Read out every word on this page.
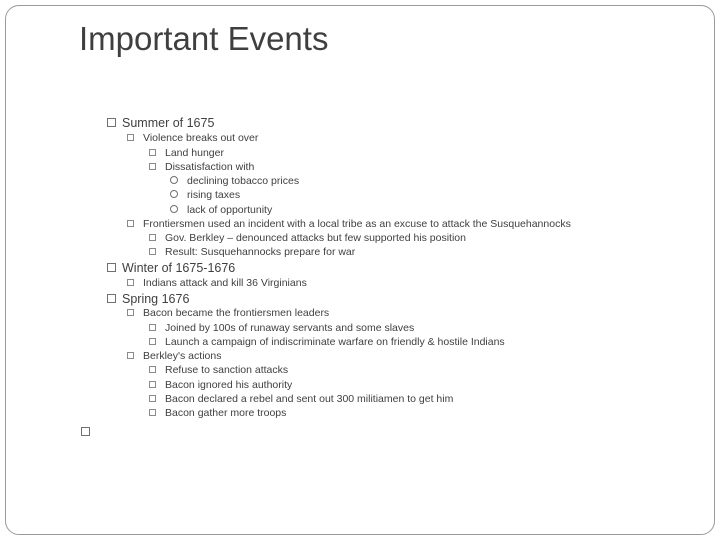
Important Events
Summer of 1675
Violence breaks out over
Land hunger
Dissatisfaction with
declining tobacco prices
rising taxes
lack of opportunity
Frontiersmen used an incident with a local tribe as an excuse to attack the Susquehannocks
Gov. Berkley – denounced attacks but few supported his position
Result: Susquehannocks prepare for war
Winter of 1675-1676
Indians attack and kill 36 Virginians
Spring 1676
Bacon became the frontiersmen leaders
Joined by 100s of runaway servants and some slaves
Launch a campaign of indiscriminate warfare on friendly & hostile Indians
Berkley's actions
Refuse to sanction attacks
Bacon ignored his authority
Bacon declared a rebel and sent out 300 militiamen to get him
Bacon gather more troops
